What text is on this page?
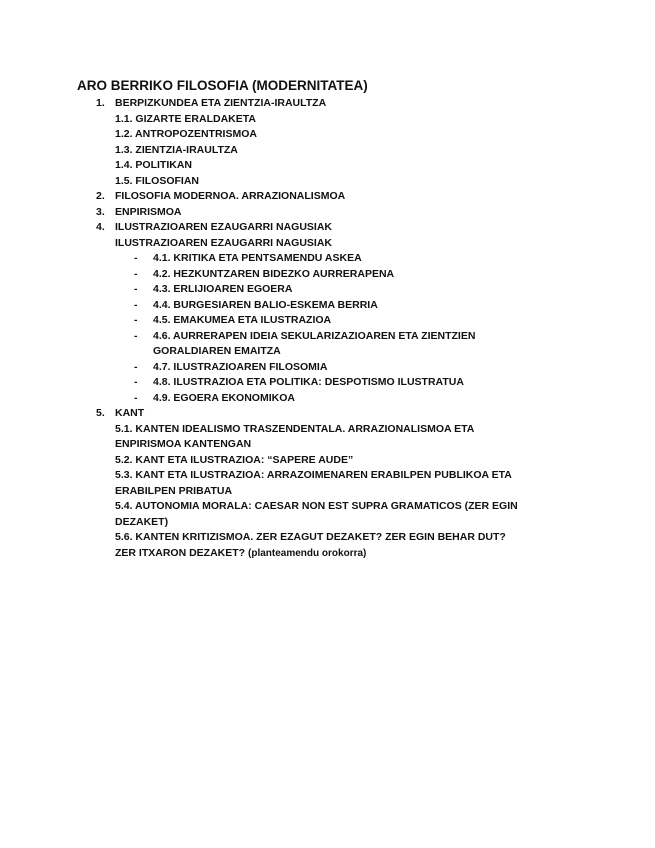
ARO BERRIKO FILOSOFIA (MODERNITATEA)
1. BERPIZKUNDEA ETA ZIENTZIA-IRAULTZA
1.1. GIZARTE ERALDAKETA
1.2. ANTROPOZENTRISMOA
1.3. ZIENTZIA-IRAULTZA
1.4. POLITIKAN
1.5. FILOSOFIAN
2. FILOSOFIA MODERNOA. ARRAZIONALISMOA
3. ENPIRISMOA
4. ILUSTRAZIOAREN EZAUGARRI NAGUSIAK
ILUSTRAZIOAREN EZAUGARRI NAGUSIAK
- 4.1. KRITIKA ETA PENTSAMENDU ASKEA
- 4.2. HEZKUNTZAREN BIDEZKO AURRERAPENA
- 4.3. ERLIJIOAREN EGOERA
- 4.4. BURGESIAREN BALIO-ESKEMA BERRIA
- 4.5. EMAKUMEA ETA ILUSTRAZIOA
- 4.6. AURRERAPEN IDEIA SEKULARIZAZIOAREN ETA ZIENTZIEN
GORALDIAREN EMAITZA
- 4.7. ILUSTRAZIOAREN FILOSOMIA
- 4.8. ILUSTRAZIOA ETA POLITIKA: DESPOTISMO ILUSTRATUA
- 4.9. EGOERA EKONOMIKOA
5. KANT
5.1. KANTEN IDEALISMO TRASZENDENTALA. ARRAZIONALISMOA ETA
ENPIRISMOA KANTENGAN
5.2. KANT ETA ILUSTRAZIOA: “SAPERE AUDE”
5.3. KANT ETA ILUSTRAZIOA: ARRAZOIMENAREN ERABILPEN PUBLIKOA ETA
ERABILPEN PRIBATUA
5.4. AUTONOMIA MORALA: CAESAR NON EST SUPRA GRAMATICOS (ZER EGIN
DEZAKET)
5.6. KANTEN KRITIZISMOA. ZER EZAGUT DEZAKET? ZER EGIN BEHAR DUT?
ZER ITXARON DEZAKET? (planteamendu orokorra)
